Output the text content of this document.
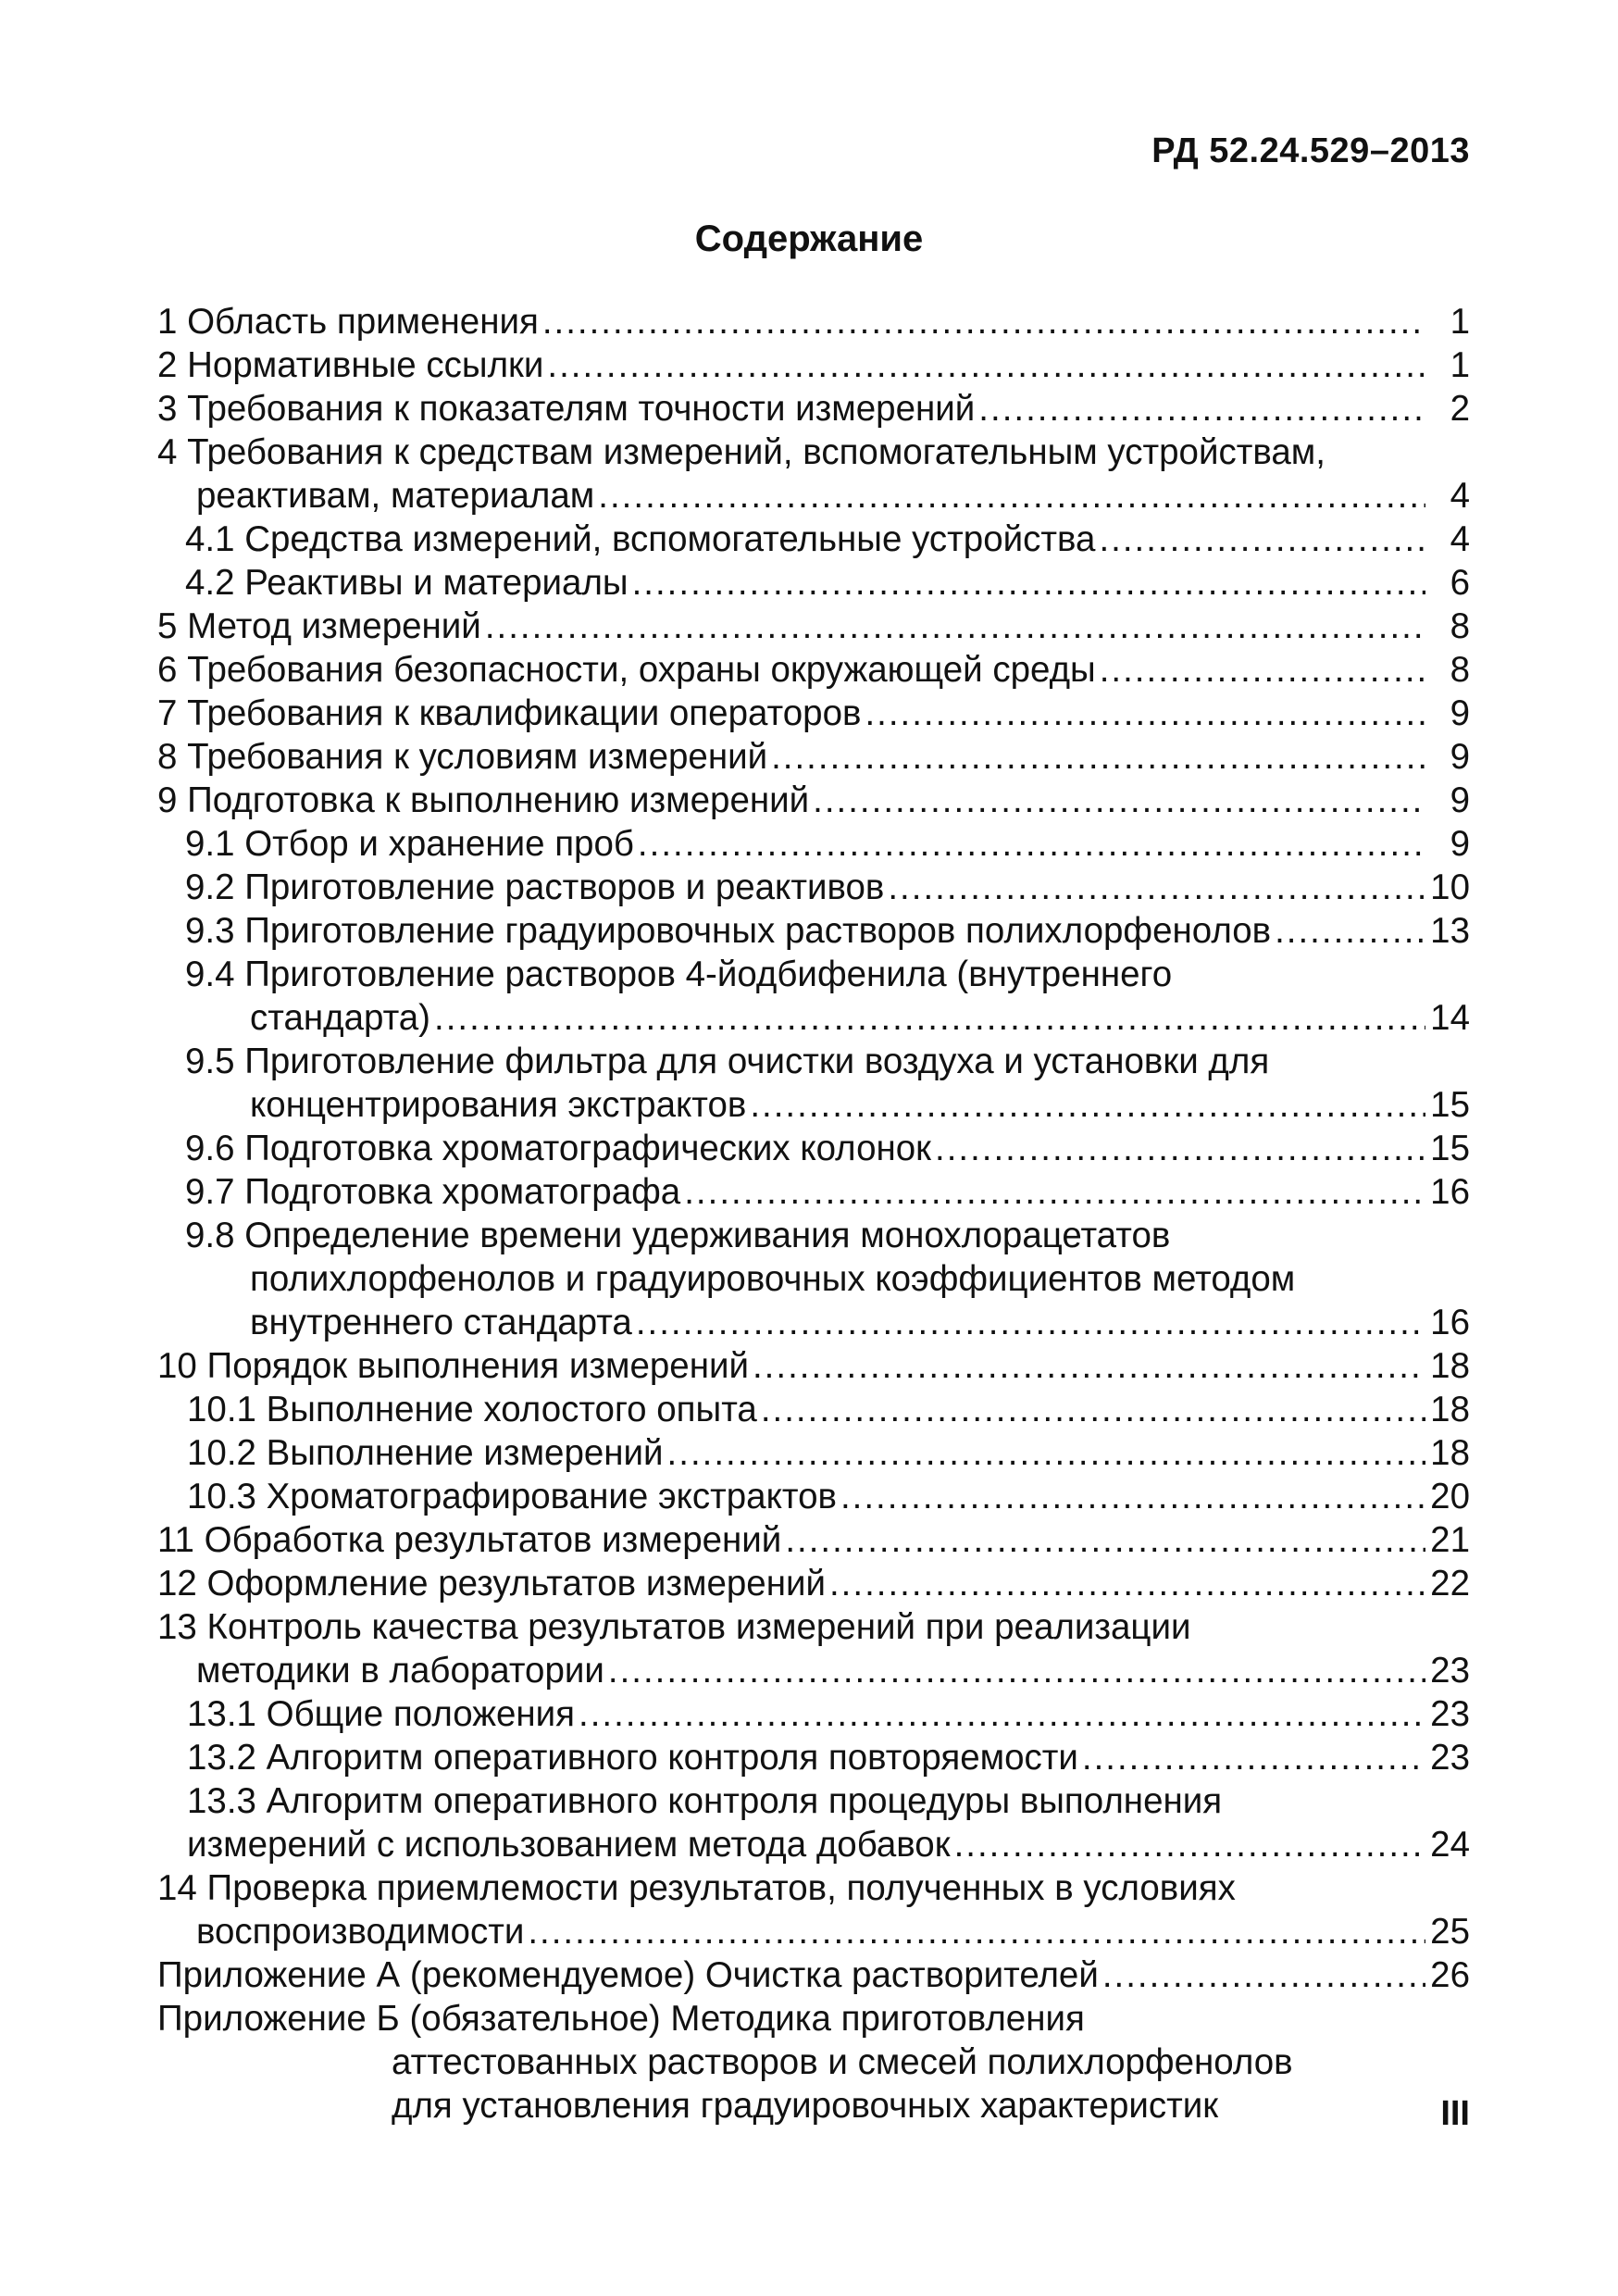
РД 52.24.529–2013
Содержание
1 Область применения .....	1
2 Нормативные ссылки .....	1
3 Требования к показателям точности измерений .....	2
4 Требования к средствам измерений, вспомогательным устройствам,
реактивам, материалам .....	4
4.1 Средства измерений, вспомогательные устройства .....	4
4.2 Реактивы и материалы .....	6
5 Метод измерений .....	8
6 Требования безопасности, охраны окружающей среды .....	8
7 Требования к квалификации операторов .....	9
8 Требования к условиям измерений .....	9
9 Подготовка к выполнению измерений .....	9
9.1 Отбор и хранение проб .....	9
9.2 Приготовление растворов и реактивов .....	10
9.3 Приготовление градуировочных растворов полихлорфенолов .....	13
9.4 Приготовление растворов 4-йодбифенила (внутреннего
стандарта) .....	14
9.5 Приготовление фильтра для очистки воздуха и установки для
концентрирования экстрактов .....	15
9.6 Подготовка хроматографических колонок .....	15
9.7 Подготовка хроматографа .....	16
9.8 Определение времени удерживания монохлорацетатов
полихлорфенолов и градуировочных коэффициентов методом
внутреннего стандарта .....	16
10 Порядок выполнения измерений .....	18
10.1 Выполнение холостого опыта .....	18
10.2 Выполнение измерений .....	18
10.3 Хроматографирование экстрактов .....	20
11 Обработка результатов измерений .....	21
12 Оформление результатов измерений .....	22
13 Контроль качества результатов измерений при реализации
методики в лаборатории .....	23
13.1 Общие положения .....	23
13.2 Алгоритм оперативного контроля повторяемости .....	23
13.3 Алгоритм оперативного контроля процедуры выполнения
измерений с использованием метода добавок .....	24
14 Проверка приемлемости результатов, полученных в условиях
воспроизводимости .....	25
Приложение А (рекомендуемое) Очистка растворителей .....	26
Приложение Б (обязательное) Методика приготовления
аттестованных растворов и смесей полихлорфенолов
для установления градуировочных характеристик	III
